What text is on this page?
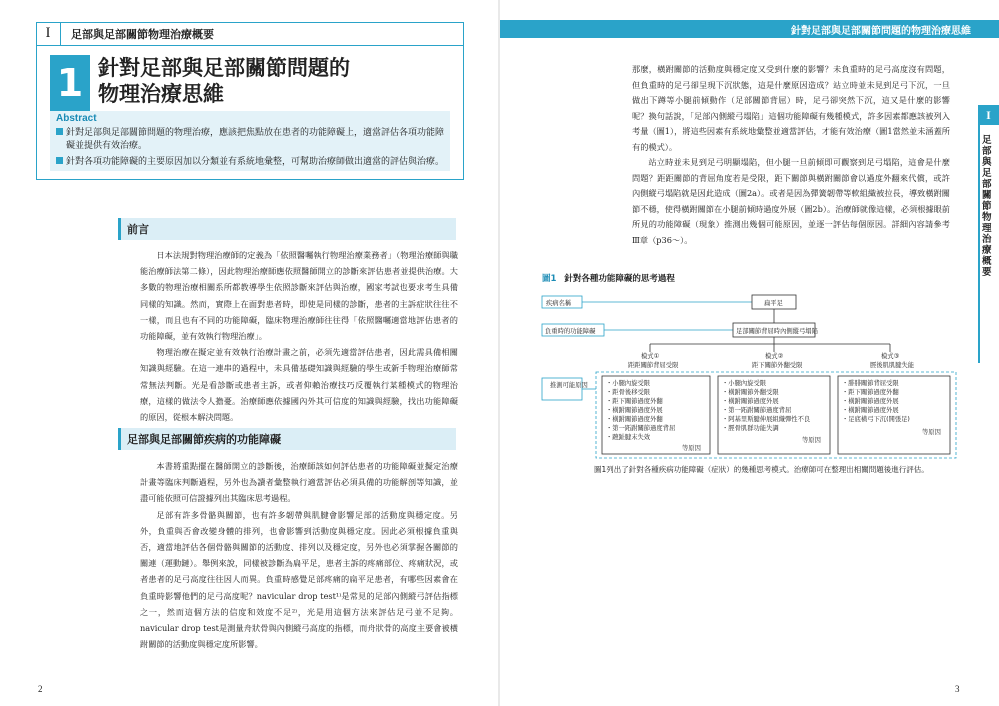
I	足部與足部關節物理治療概要
1 針對足部與足部關節問題的
物理治療思維
Abstract
針對足部與足部關節問題的物理治療，應該把焦點放在患者的功能障礙上，適當評估各項功能障
礙並提供有效治療。
針對各項功能障礙的主要原因加以分類並有系統地彙整，可幫助治療師做出適當的評估與治療。
前言

日本法規對物理治療師的定義為「依照醫囑執行物理治療業務者」（物理治療師與職能治療師法第二條），因此物理治療師應依照醫師開立的診斷來評估患者並提供治療。大多數的物理治療相關系所都教導學生依照診斷來評估與治療，國家考試也要求考生具備同樣的知識。然而，實際上在面對患者時，即使是同樣的診斷，患者的主訴症狀往往不一樣，而且也有不同的功能障礙，臨床物理治療師往往得「依照醫囑適當地評估患者的功能障礙，並有效執行物理治療」。

物理治療在擬定並有效執行治療計畫之前，必須先適當評估患者，因此需具備相關知識與經驗。在這一連串的過程中，未具備基礎知識與經驗的學生或新手物理治療師常常無法判斷。光是看診斷或患者主訴，或者仰賴治療技巧反覆執行某種模式的物理治療，這樣的做法令人擔憂。治療師應依據國內外其可信度的知識與經驗，找出功能障礙的原因，從根本解決問題。

足部與足部關節疾病的功能障礙

本書將重點擺在醫師開立的診斷後，治療師該如何評估患者的功能障礙並擬定治療計畫等臨床判斷過程，另外也為讀者彙整執行適當評估必須具備的功能解剖等知識，並盡可能依照可信證據列出其臨床思考過程。

足部有許多骨骼與關節，也有許多韌帶與肌腱會影響足部的活動度與穩定度。另外，負重與否會改變身體的排列，也會影響到活動度與穩定度。因此必須根據負重與否，適當地評估各個骨骼與關節的活動度、排列以及穩定度，另外也必須掌握各關節的關連（運動鏈）。舉例來說，同樣被診斷為扁平足，患者主訴的疼痛部位、疼痛狀況，或者患者的足弓高度往往因人而異。負重時感覺足部疼痛的扁平足患者，有哪些因素會在負重時影響他們的足弓高度呢？navicular drop test¹⁾是常見的足部內側縱弓評估指標之一，然而這個方法的信度和效度不足²⁾，光是用這個方法來評估足弓並不足夠。navicular drop test是測量舟狀骨與內側縱弓高度的指標，而舟狀骨的高度主要會被橫跗關節的活動度與穩定度所影響。

2
針對足部與足部關節問題的物理治療思維
I
足部與足部關節物理治療概要

那麼，橫跗關節的活動度與穩定度又受到什麼的影響？未負重時的足弓高度沒有問題，但負重時的足弓卻呈現下沉狀態，這是什麼原因造成？站立時並未見到足弓下沉，一旦做出下蹲等小腿前傾動作（足部關節背屈）時，足弓卻突然下沉，這又是什麼的影響呢？換句話說，「足部內側縱弓塌陷」這個功能障礙有幾種模式，許多因素都應該被列入考量（圖1），將這些因素有系統地彙整並適當評估，才能有效治療（圖1當然並未涵蓋所有的模式）。

站立時並未見到足弓明顯塌陷，但小腿一旦前傾即可觀察到足弓塌陷，這會是什麼問題？距距關節的背屈角度若是受限，距下關節與橫跗關節會以過度外翻來代償，或許內側縱弓塌陷就是因此造成（圖2a）。或者是因為彈簧韌帶等軟組織被拉長，導致橫跗關節不穩，使得橫跗關節在小腿前傾時過度外展（圖2b）。治療師就像這樣，必須根據眼前所見的功能障礙（現象）推測出幾個可能原因，並逐一評估每個原因。詳細內容請參考Ⅲ章（p36～）。

圖1 針對各種功能障礙的思考過程
疾病名稱	扁平足
負重時的功能障礙	足部關節背屈時內側縱弓塌陷
模式①
距距關節背屈受限
模式②
距下關節外翻受限
模式③
脛後肌肌腱失能
推測可能原因	・小腿內旋受限
・距骨後移受限
・距下關節過度外翻
・橫跗關節過度外展
・橫跗關節過度外翻
・第一跖跗關節過度背屈
・蹠趾腱末失效
・小腿內旋受限
・橫跗關節外翻受限
・橫跗關節過度外展
・第一跖跗關節過度背屈
・阿基里斯腱伸展組織彈性不良
・脛骨肌群功能失調
・腓腓關節背屈受限
・距下關節過度外翻
・橫跗關節過度外展
・橫跗關節過度外展
・足底橫弓下沉(開張足)
等原因
等原因
等原因
圖1列出了針對各種疾病功能障礙（症狀）的幾種思考模式。治療師可在整理出相關問題後進行評估。
3
